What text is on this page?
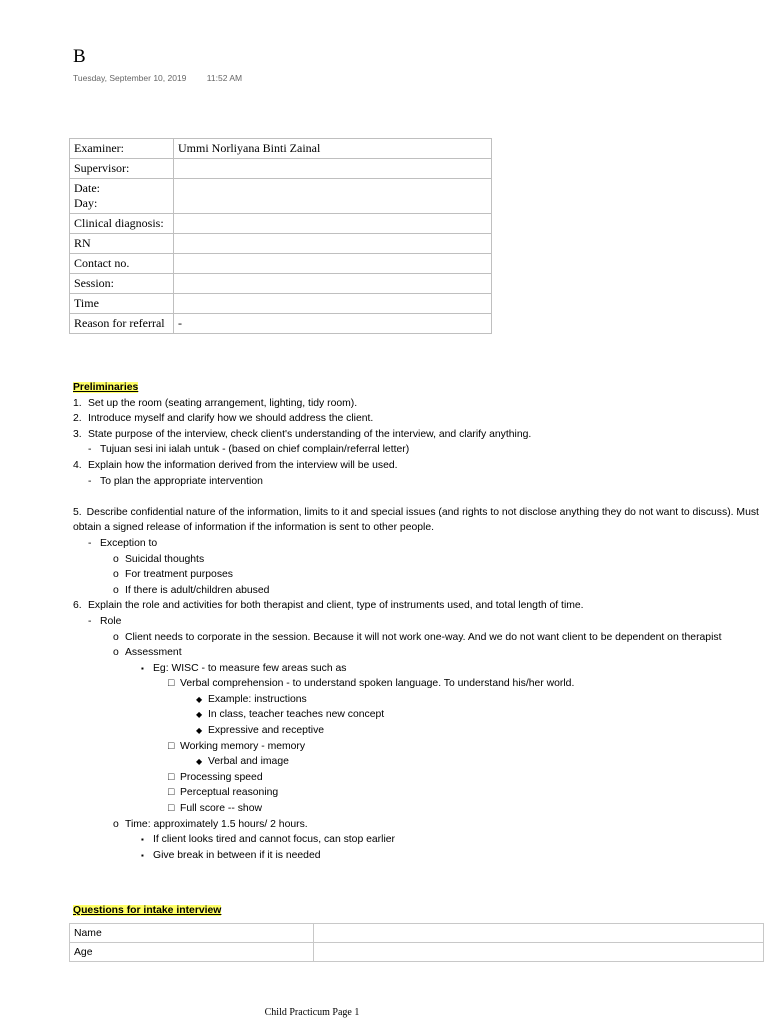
B
Tuesday, September 10, 2019 11:52 AM
Examiner:	Ummi Norliyana Binti Zainal

Supervisor:	

Date:
Day:	

Clinical diagnosis:	

RN	

Contact no.	

Session:	

Time	

Reason for referral	-
Preliminaries
1. Set up the room (seating arrangement, lighting, tidy room).
2. Introduce myself and clarify how we should address the client.
3. State purpose of the interview, check client's understanding of the interview, and clarify anything.
- Tujuan sesi ini ialah untuk - (based on chief complain/referral letter)
4. Explain how the information derived from the interview will be used.
- To plan the appropriate intervention
5. Describe confidential nature of the information, limits to it and special issues (and rights to not disclose anything they do not want to discuss). Must obtain a signed release of information if the information is sent to other people.
- Exception to
o Suicidal thoughts
o For treatment purposes
o If there is adult/children abused
6. Explain the role and activities for both therapist and client, type of instruments used, and total length of time.
- Role
o Client needs to corporate in the session. Because it will not work one-way. And we do not want client to be dependent on therapist
o Assessment
▪ Eg: WISC - to measure few areas such as
□ Verbal comprehension - to understand spoken language. To understand his/her world.
◆ Example: instructions
◆ In class, teacher teaches new concept
◆ Expressive and receptive
□ Working memory - memory
◆ Verbal and image
□ Processing speed
□ Perceptual reasoning
□ Full score -- show
o Time: approximately 1.5 hours/ 2 hours.
▪ If client looks tired and cannot focus, can stop earlier
▪ Give break in between if it is needed
Questions for intake interview
Name	
Age	
Child Practicum Page 1
